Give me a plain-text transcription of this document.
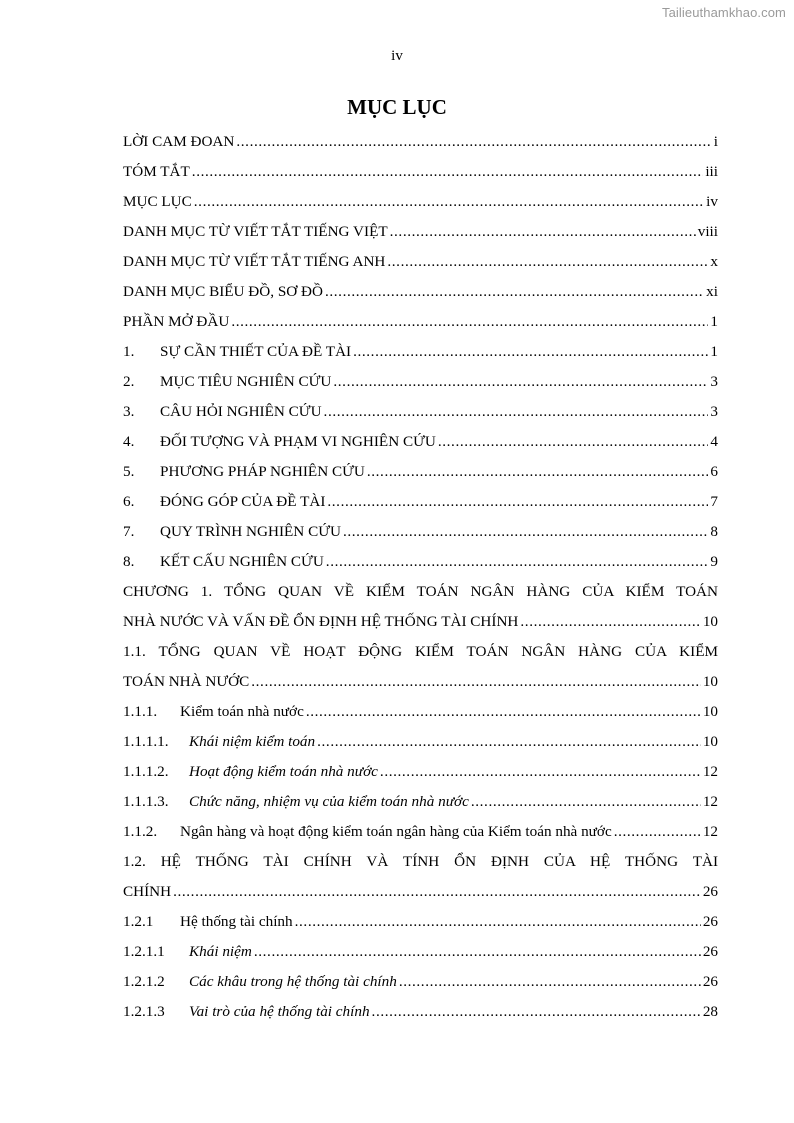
Tailieuthamkhao.com
iv
MỤC LỤC
LỜI CAM ĐOAN .....	i
TÓM TẮT .....	iii
MỤC LỤC .....	iv
DANH MỤC TỪ VIẾT TẮT TIẾNG VIỆT .....	viii
DANH MỤC TỪ VIẾT TẮT TIẾNG ANH .....	x
DANH MỤC BIỂU ĐỒ, SƠ ĐỒ .....	xi
PHẦN MỞ ĐẦU .....	1
1.	SỰ CẦN THIẾT CỦA ĐỀ TÀI .....	1
2.	MỤC TIÊU NGHIÊN CỨU .....	3
3.	CÂU HỎI NGHIÊN CỨU .....	3
4.	ĐỐI TƯỢNG VÀ PHẠM VI NGHIÊN CỨU .....	4
5.	PHƯƠNG PHÁP NGHIÊN CỨU .....	6
6.	ĐÓNG GÓP CỦA ĐỀ TÀI .....	7
7.	QUY TRÌNH NGHIÊN CỨU .....	8
8.	KẾT CẤU NGHIÊN CỨU .....	9
CHƯƠNG 1. TỔNG QUAN VỀ KIỂM TOÁN NGÂN HÀNG CỦA KIỂM TOÁN
NHÀ NƯỚC VÀ VẤN ĐỀ ỔN ĐỊNH HỆ THỐNG TÀI CHÍNH .....	10
1.1. TỔNG QUAN VỀ HOẠT ĐỘNG KIỂM TOÁN NGÂN HÀNG CỦA KIỂM
TOÁN NHÀ NƯỚC .....	10
1.1.1.	Kiểm toán nhà nước .....	10
1.1.1.1.	Khái niệm kiểm toán .....	10
1.1.1.2.	Hoạt động kiểm toán nhà nước .....	12
1.1.1.3.	Chức năng, nhiệm vụ của kiểm toán nhà nước .....	12
1.1.2.	Ngân hàng và hoạt động kiểm toán ngân hàng của Kiểm toán nhà nước .....	12
1.2. HỆ THỐNG TÀI CHÍNH VÀ TÍNH ỔN ĐỊNH CỦA HỆ THỐNG TÀI
CHÍNH .....	26
1.2.1	Hệ thống tài chính .....	26
1.2.1.1	Khái niệm .....	26
1.2.1.2	Các khâu trong hệ thống tài chính .....	26
1.2.1.3	Vai trò của hệ thống tài chính .....	28
